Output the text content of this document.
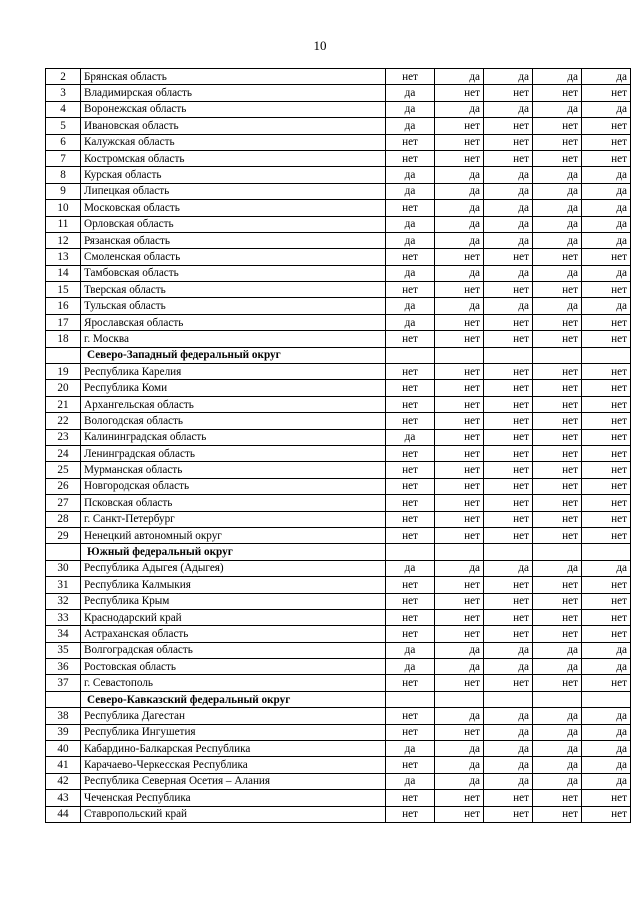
10
2	Брянская область	нет	да	да	да	да
3	Владимирская область	да	нет	нет	нет	нет
4	Воронежская область	да	да	да	да	да
5	Ивановская область	да	нет	нет	нет	нет
6	Калужская область	нет	нет	нет	нет	нет
7	Костромская область	нет	нет	нет	нет	нет
8	Курская область	да	да	да	да	да
9	Липецкая область	да	да	да	да	да
10	Московская область	нет	да	да	да	да
11	Орловская область	да	да	да	да	да
12	Рязанская область	да	да	да	да	да
13	Смоленская область	нет	нет	нет	нет	нет
14	Тамбовская область	да	да	да	да	да
15	Тверская область	нет	нет	нет	нет	нет
16	Тульская область	да	да	да	да	да
17	Ярославская область	да	нет	нет	нет	нет
18	г. Москва	нет	нет	нет	нет	нет
	Северо-Западный федеральный округ					
19	Республика Карелия	нет	нет	нет	нет	нет
20	Республика Коми	нет	нет	нет	нет	нет
21	Архангельская область	нет	нет	нет	нет	нет
22	Вологодская область	нет	нет	нет	нет	нет
23	Калининградская область	да	нет	нет	нет	нет
24	Ленинградская область	нет	нет	нет	нет	нет
25	Мурманская область	нет	нет	нет	нет	нет
26	Новгородская область	нет	нет	нет	нет	нет
27	Псковская область	нет	нет	нет	нет	нет
28	г. Санкт-Петербург	нет	нет	нет	нет	нет
29	Ненецкий автономный округ	нет	нет	нет	нет	нет
	Южный федеральный округ					
30	Республика Адыгея (Адыгея)	да	да	да	да	да
31	Республика Калмыкия	нет	нет	нет	нет	нет
32	Республика Крым	нет	нет	нет	нет	нет
33	Краснодарский край	нет	нет	нет	нет	нет
34	Астраханская область	нет	нет	нет	нет	нет
35	Волгоградская область	да	да	да	да	да
36	Ростовская область	да	да	да	да	да
37	г. Севастополь	нет	нет	нет	нет	нет
	Северо-Кавказский федеральный округ					
38	Республика Дагестан	нет	да	да	да	да
39	Республика Ингушетия	нет	нет	да	да	да
40	Кабардино-Балкарская Республика	да	да	да	да	да
41	Карачаево-Черкесская Республика	нет	да	да	да	да
42	Республика Северная Осетия – Алания	да	да	да	да	да
43	Чеченская Республика	нет	нет	нет	нет	нет
44	Ставропольский край	нет	нет	нет	нет	нет
